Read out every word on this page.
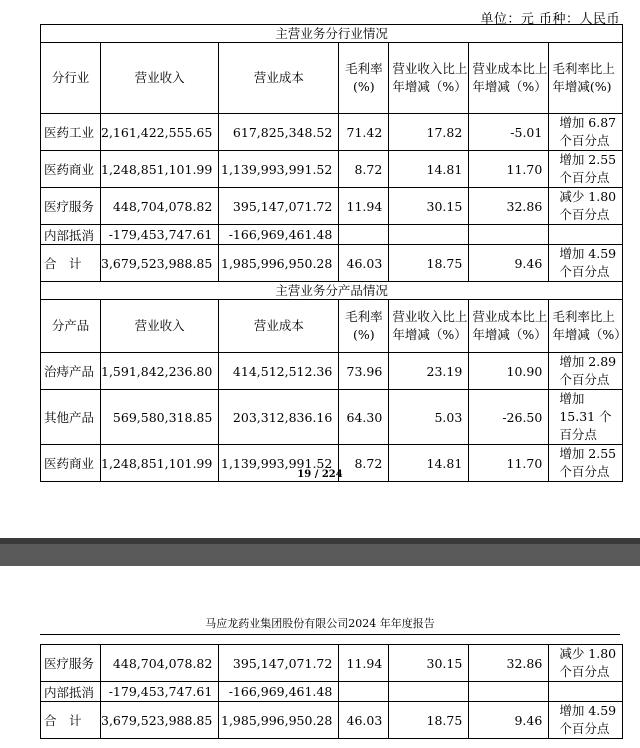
单位：元 币种：人民币
主营业务分行业情况						
分行业	营业收入	营业成本	毛利率(%)	营业收入比上年增减（%）	营业成本比上年增减（%）	毛利率比上年增减(%)
医药工业	2,161,422,555.65	617,825,348.52	71.42	17.82	-5.01	增加 6.87 个百分点
医药商业	1,248,851,101.99	1,139,993,991.52	8.72	14.81	11.70	增加 2.55 个百分点
医疗服务	448,704,078.82	395,147,071.72	11.94	30.15	32.86	减少 1.80 个百分点
内部抵消	-179,453,747.61	-166,969,461.48				
合　计	3,679,523,988.85	1,985,996,950.28	46.03	18.75	9.46	增加 4.59 个百分点
主营业务分产品情况						
分产品	营业收入	营业成本	毛利率(%)	营业收入比上年增减（%）	营业成本比上年增减（%）	毛利率比上年增减（%）
治痔产品	1,591,842,236.80	414,512,512.36	73.96	23.19	10.90	增加 2.89 个百分点
其他产品	569,580,318.85	203,312,836.16	64.30	5.03	-26.50	增加 15.31 个百分点
医药商业	1,248,851,101.99	1,139,993,991.52	8.72	14.81	11.70	增加 2.55 个百分点
19 / 224
马应龙药业集团股份有限公司2024 年年度报告
医疗服务	448,704,078.82	395,147,071.72	11.94	30.15	32.86	减少 1.80 个百分点
内部抵消	-179,453,747.61	-166,969,461.48				
合　计	3,679,523,988.85	1,985,996,950.28	46.03	18.75	9.46	增加 4.59 个百分点
